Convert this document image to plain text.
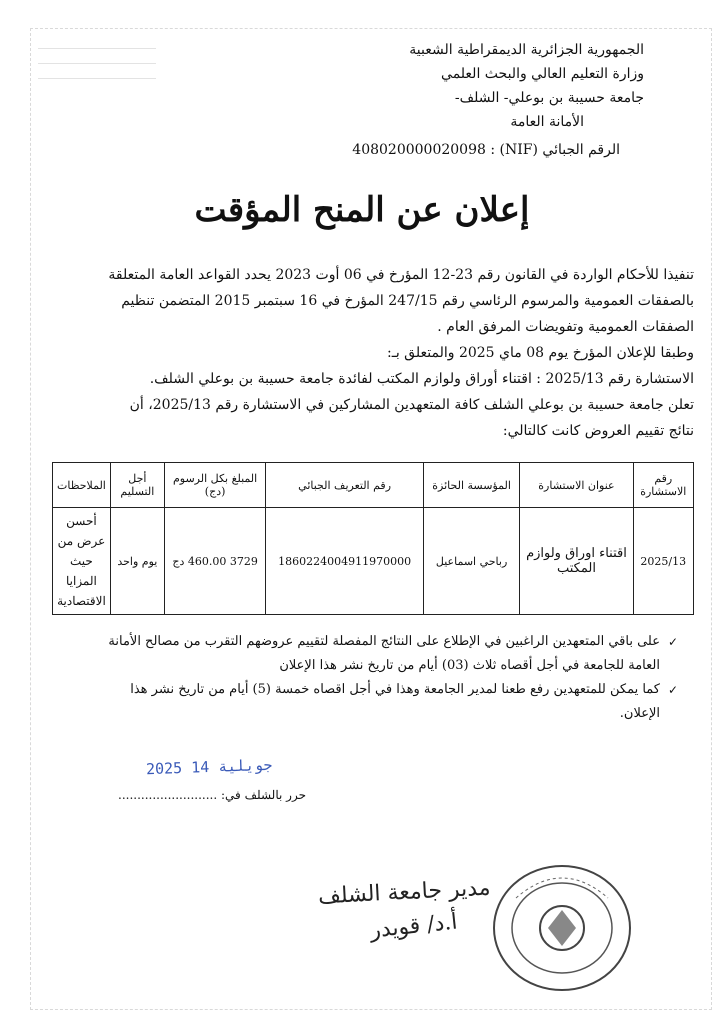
الجمهورية الجزائرية الديمقراطية الشعبية
وزارة التعليم العالي والبحث العلمي
جامعة حسيبة بن بوعلي- الشلف-
الأمانة العامة
الرقم الجبائي (NIF) : 408020000020098
إعلان عن المنح المؤقت

تنفيذا للأحكام الواردة في القانون رقم 23-12 المؤرخ في 06 أوت 2023 يحدد القواعد العامة المتعلقة بالصفقات العمومية والمرسوم الرئاسي رقم 247/15 المؤرخ في 16 سبتمبر 2015 المتضمن تنظيم الصفقات العمومية وتفويضات المرفق العام .

وطبقا للإعلان المؤرخ يوم 08 ماي 2025 والمتعلق بـ:

الاستشارة رقم 2025/13 : اقتناء أوراق ولوازم المكتب لفائدة جامعة حسيبة بن بوعلي الشلف.

تعلن جامعة حسيبة بن بوعلي الشلف كافة المتعهدين المشاركين في الاستشارة رقم 2025/13، أن نتائج تقييم العروض كانت كالتالي:

رقم الاستشارة	عنوان الاستشارة	المؤسسة الحائزة	رقم التعريف الجبائي	المبلغ بكل الرسوم (دج)	أجل التسليم	الملاحظات
2025/13	اقتناء اوراق ولوازم المكتب	رباحي اسماعيل	1860224004911970000	3729 460.00 دج	يوم واحد	أحسن عرض من حيث المزايا الاقتصادية
✓
على باقي المتعهدين الراغبين في الإطلاع على النتائج المفصلة لتقييم عروضهم التقرب من مصالح الأمانة العامة للجامعة في أجل أقصاه ثلاث (03) أيام من تاريخ نشر هذا الإعلان
✓
كما يمكن للمتعهدين رفع طعنا لمدير الجامعة وهذا في أجل اقصاه خمسة (5) أيام من تاريخ نشر هذا الإعلان.
2025 جويلية 14
حرر بالشلف في: ..........................
مدير جامعة الشلف
أ.د/ قويدر
